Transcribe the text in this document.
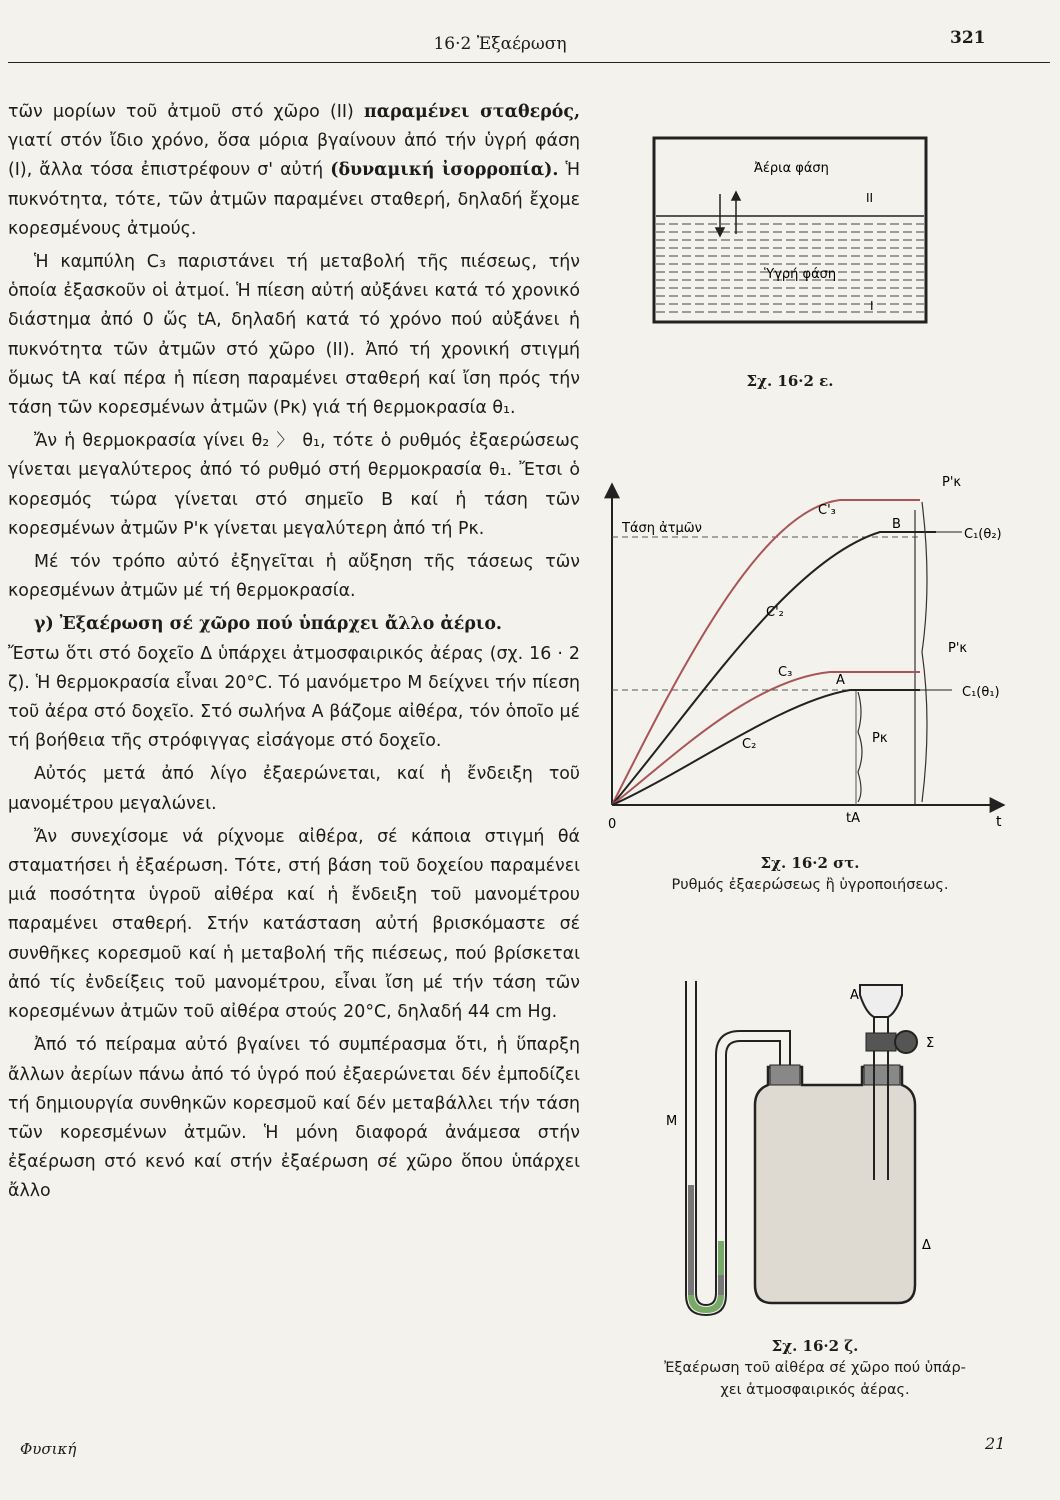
16·2 Ἐξαέρωση	321

τῶν μορίων τοῦ ἀτμοῦ στό χῶρο (ΙΙ) παραμένει σταθερός, γιατί στόν ἴδιο χρόνο, ὅσα μόρια βγαίνουν ἀπό τήν ὑγρή φάση (Ι), ἄλλα τόσα ἐπιστρέφουν σ' αὐτή (δυναμική ἰσορροπία). Ἡ πυκνότητα, τότε, τῶν ἀτμῶν παραμένει σταθερή, δηλαδή ἔχομε κορεσμένους ἀτμούς.

Ἡ καμπύλη C₃ παριστάνει τή μεταβολή τῆς πιέσεως, τήν ὁποία ἐξασκοῦν οἱ ἀτμοί. Ἡ πίεση αὐτή αὐξάνει κατά τό χρονικό διάστημα ἀπό 0 ὥς tΑ, δηλαδή κατά τό χρόνο πού αὐξάνει ἡ πυκνότητα τῶν ἀτμῶν στό χῶρο (ΙΙ). Ἀπό τή χρονική στιγμή ὅμως tΑ καί πέρα ἡ πίεση παραμένει σταθερή καί ἴση πρός τήν τάση τῶν κορεσμένων ἀτμῶν (Pκ) γιά τή θερμοκρασία θ₁.

Ἄν ἡ θερμοκρασία γίνει θ₂ 〉 θ₁, τότε ὁ ρυθμός ἐξαερώσεως γίνεται μεγαλύτερος ἀπό τό ρυθμό στή θερμοκρασία θ₁. Ἔτσι ὁ κορεσμός τώρα γίνεται στό σημεῖο Β καί ἡ τάση τῶν κορεσμένων ἀτμῶν P'κ γίνεται μεγαλύτερη ἀπό τή Pκ.

Μέ τόν τρόπο αὐτό ἐξηγεῖται ἡ αὔξηση τῆς τάσεως τῶν κορεσμένων ἀτμῶν μέ τή θερμοκρασία.

γ) Ἐξαέρωση σέ χῶρο πού ὑπάρχει ἄλλο ἀέριο.
Ἔστω ὅτι στό δοχεῖο Δ ὑπάρχει ἀτμοσφαιρικός ἀέρας (σχ. 16 · 2 ζ). Ἡ θερμοκρασία εἶναι 20°C. Τό μανόμετρο Μ δείχνει τήν πίεση τοῦ ἀέρα στό δοχεῖο. Στό σωλήνα Α βάζομε αἰθέρα, τόν ὁποῖο μέ τή βοήθεια τῆς στρόφιγγας εἰσάγομε στό δοχεῖο.

Αὐτός μετά ἀπό λίγο ἐξαερώνεται, καί ἡ ἔνδειξη τοῦ μανομέτρου μεγαλώνει.

Ἄν συνεχίσομε νά ρίχνομε αἰθέρα, σέ κάποια στιγμή θά σταματήσει ἡ ἐξαέρωση. Τότε, στή βάση τοῦ δοχείου παραμένει μιά ποσότητα ὑγροῦ αἰθέρα καί ἡ ἔνδειξη τοῦ μανομέτρου παραμένει σταθερή. Στήν κατάσταση αὐτή βρισκόμαστε σέ συνθῆκες κορεσμοῦ καί ἡ μεταβολή τῆς πιέσεως, πού βρίσκεται ἀπό τίς ἐνδείξεις τοῦ μανομέτρου, εἶναι ἴση μέ τήν τάση τῶν κορεσμένων ἀτμῶν τοῦ αἰθέρα στούς 20°C, δηλαδή 44 cm Hg.

Ἀπό τό πείραμα αὐτό βγαίνει τό συμπέρασμα ὅτι, ἡ ὕπαρξη ἄλλων ἀερίων πάνω ἀπό τό ὑγρό πού ἐξαερώνεται δέν ἐμποδίζει τή δημιουργία συνθηκῶν κορεσμοῦ καί δέν μεταβάλλει τήν τάση τῶν κορεσμένων ἀτμῶν. Ἡ μόνη διαφορά ἀνάμεσα στήν ἐξαέρωση στό κενό καί στήν ἐξαέρωση σέ χῶρο ὅπου ὑπάρχει ἄλλο

Ἀέρια φάση
ΙΙ
Ὑγρή φάση
Ι
Σχ. 16·2 ε.
Τάση ἀτμῶν
C'₃
C'₂
C₃
C₂
A
B
Pκ
P'κ
P'κ
C₁(θ₂)
C₁(θ₁)
0	tA	t
Σχ. 16·2 στ.
Ρυθμός ἐξαερώσεως ἢ ὑγροποιήσεως.
Α
Σ
Μ
Δ
Σχ. 16·2 ζ.
Ἐξαέρωση τοῦ αἰθέρα σέ χῶρο πού ὑπάρ-
χει ἀτμοσφαιρικός ἀέρας.
Φυσική	21
